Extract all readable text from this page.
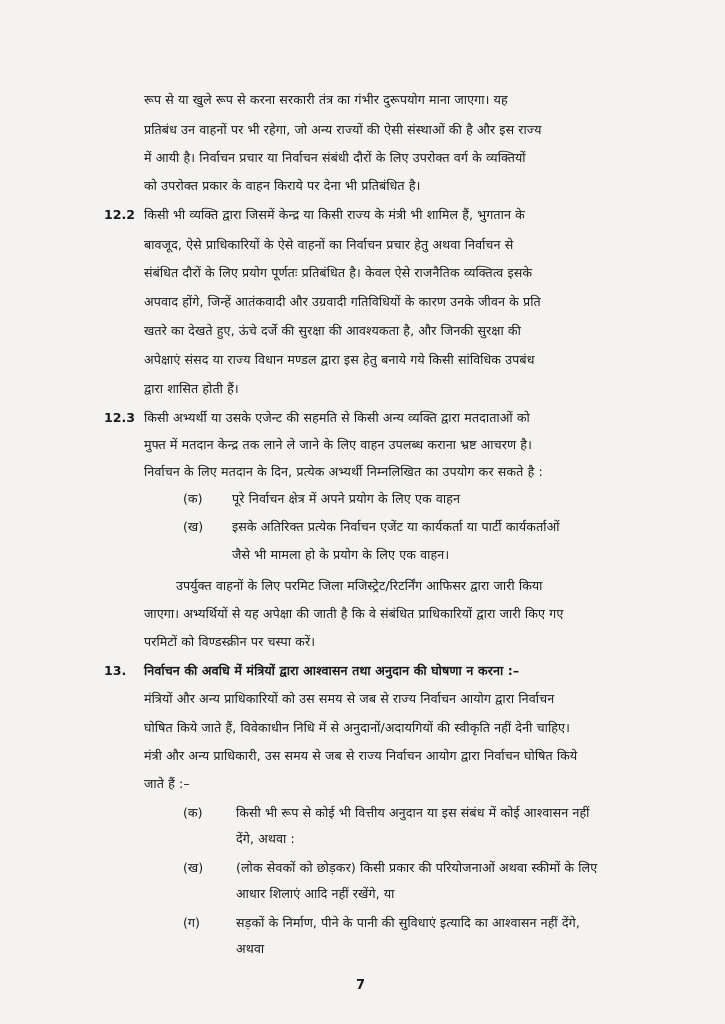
रूप से या खुले रूप से करना सरकारी तंत्र का गंभीर दुरूपयोग माना जाएगा। यह
प्रतिबंध उन वाहनों पर भी रहेगा, जो अन्य राज्यों की ऐसी संस्थाओं की है और इस राज्य
में आयी है। निर्वाचन प्रचार या निर्वाचन संबंधी दौरों के लिए उपरोक्त वर्ग के व्यक्तियों
को उपरोक्त प्रकार के वाहन किराये पर देना भी प्रतिबंधित है।
12.2 किसी भी व्यक्ति द्वारा जिसमें केन्द्र या किसी राज्य के मंत्री भी शामिल हैं, भुगतान के
बावजूद, ऐसे प्राधिकारियों के ऐसे वाहनों का निर्वाचन प्रचार हेतु अथवा निर्वाचन से
संबंधित दौरों के लिए प्रयोग पूर्णतः प्रतिबंधित है। केवल ऐसे राजनैतिक व्यक्तित्व इसके
अपवाद होंगे, जिन्हें आतंकवादी और उग्रवादी गतिविधियों के कारण उनके जीवन के प्रति
खतरे का देखते हुए, ऊंचे दर्जे की सुरक्षा की आवश्यकता है, और जिनकी सुरक्षा की
अपेक्षाएं संसद या राज्य विधान मण्डल द्वारा इस हेतु बनाये गये किसी सांविधिक उपबंध
द्वारा शासित होती हैं।
12.3 किसी अभ्यर्थी या उसके एजेन्ट की सहमति से किसी अन्य व्यक्ति द्वारा मतदाताओं को
मुफ्त में मतदान केन्द्र तक लाने ले जाने के लिए वाहन उपलब्ध कराना भ्रष्ट आचरण है।
निर्वाचन के लिए मतदान के दिन, प्रत्येक अभ्यर्थी निम्नलिखित का उपयोग कर सकते है :
(क) पूरे निर्वाचन क्षेत्र में अपने प्रयोग के लिए एक वाहन
(ख) इसके अतिरिक्त प्रत्येक निर्वाचन एजेंट या कार्यकर्ता या पार्टी कार्यकर्ताओं
जैसे भी मामला हो के प्रयोग के लिए एक वाहन।
उपर्युक्त वाहनों के लिए परमिट जिला मजिस्ट्रेट/रिटर्निंग आफिसर द्वारा जारी किया
जाएगा। अभ्यर्थियों से यह अपेक्षा की जाती है कि वे संबंधित प्राधिकारियों द्वारा जारी किए गए
परमिटों को विण्डस्क्रीन पर चस्पा करें।
13. निर्वाचन की अवधि में मंत्रियों द्वारा आश्वासन तथा अनुदान की घोषणा न करना :–
मंत्रियों और अन्य प्राधिकारियों को उस समय से जब से राज्य निर्वाचन आयोग द्वारा निर्वाचन
घोषित किये जाते हैं, विवेकाधीन निधि में से अनुदानों/अदायगियों की स्वीकृति नहीं देनी चाहिए।
मंत्री और अन्य प्राधिकारी, उस समय से जब से राज्य निर्वाचन आयोग द्वारा निर्वाचन घोषित किये
जाते हैं :–
(क)	किसी भी रूप से कोई भी वित्तीय अनुदान या इस संबंध में कोई आश्वासन नहीं
देंगे, अथवा :
(ख)	(लोक सेवकों को छोड़कर) किसी प्रकार की परियोजनाओं अथवा स्कीमों के लिए
आधार शिलाएं आदि नहीं रखेंगे, या
(ग)	सड़कों के निर्माण, पीने के पानी की सुविधाएं इत्यादि का आश्वासन नहीं देंगे,
अथवा
7
